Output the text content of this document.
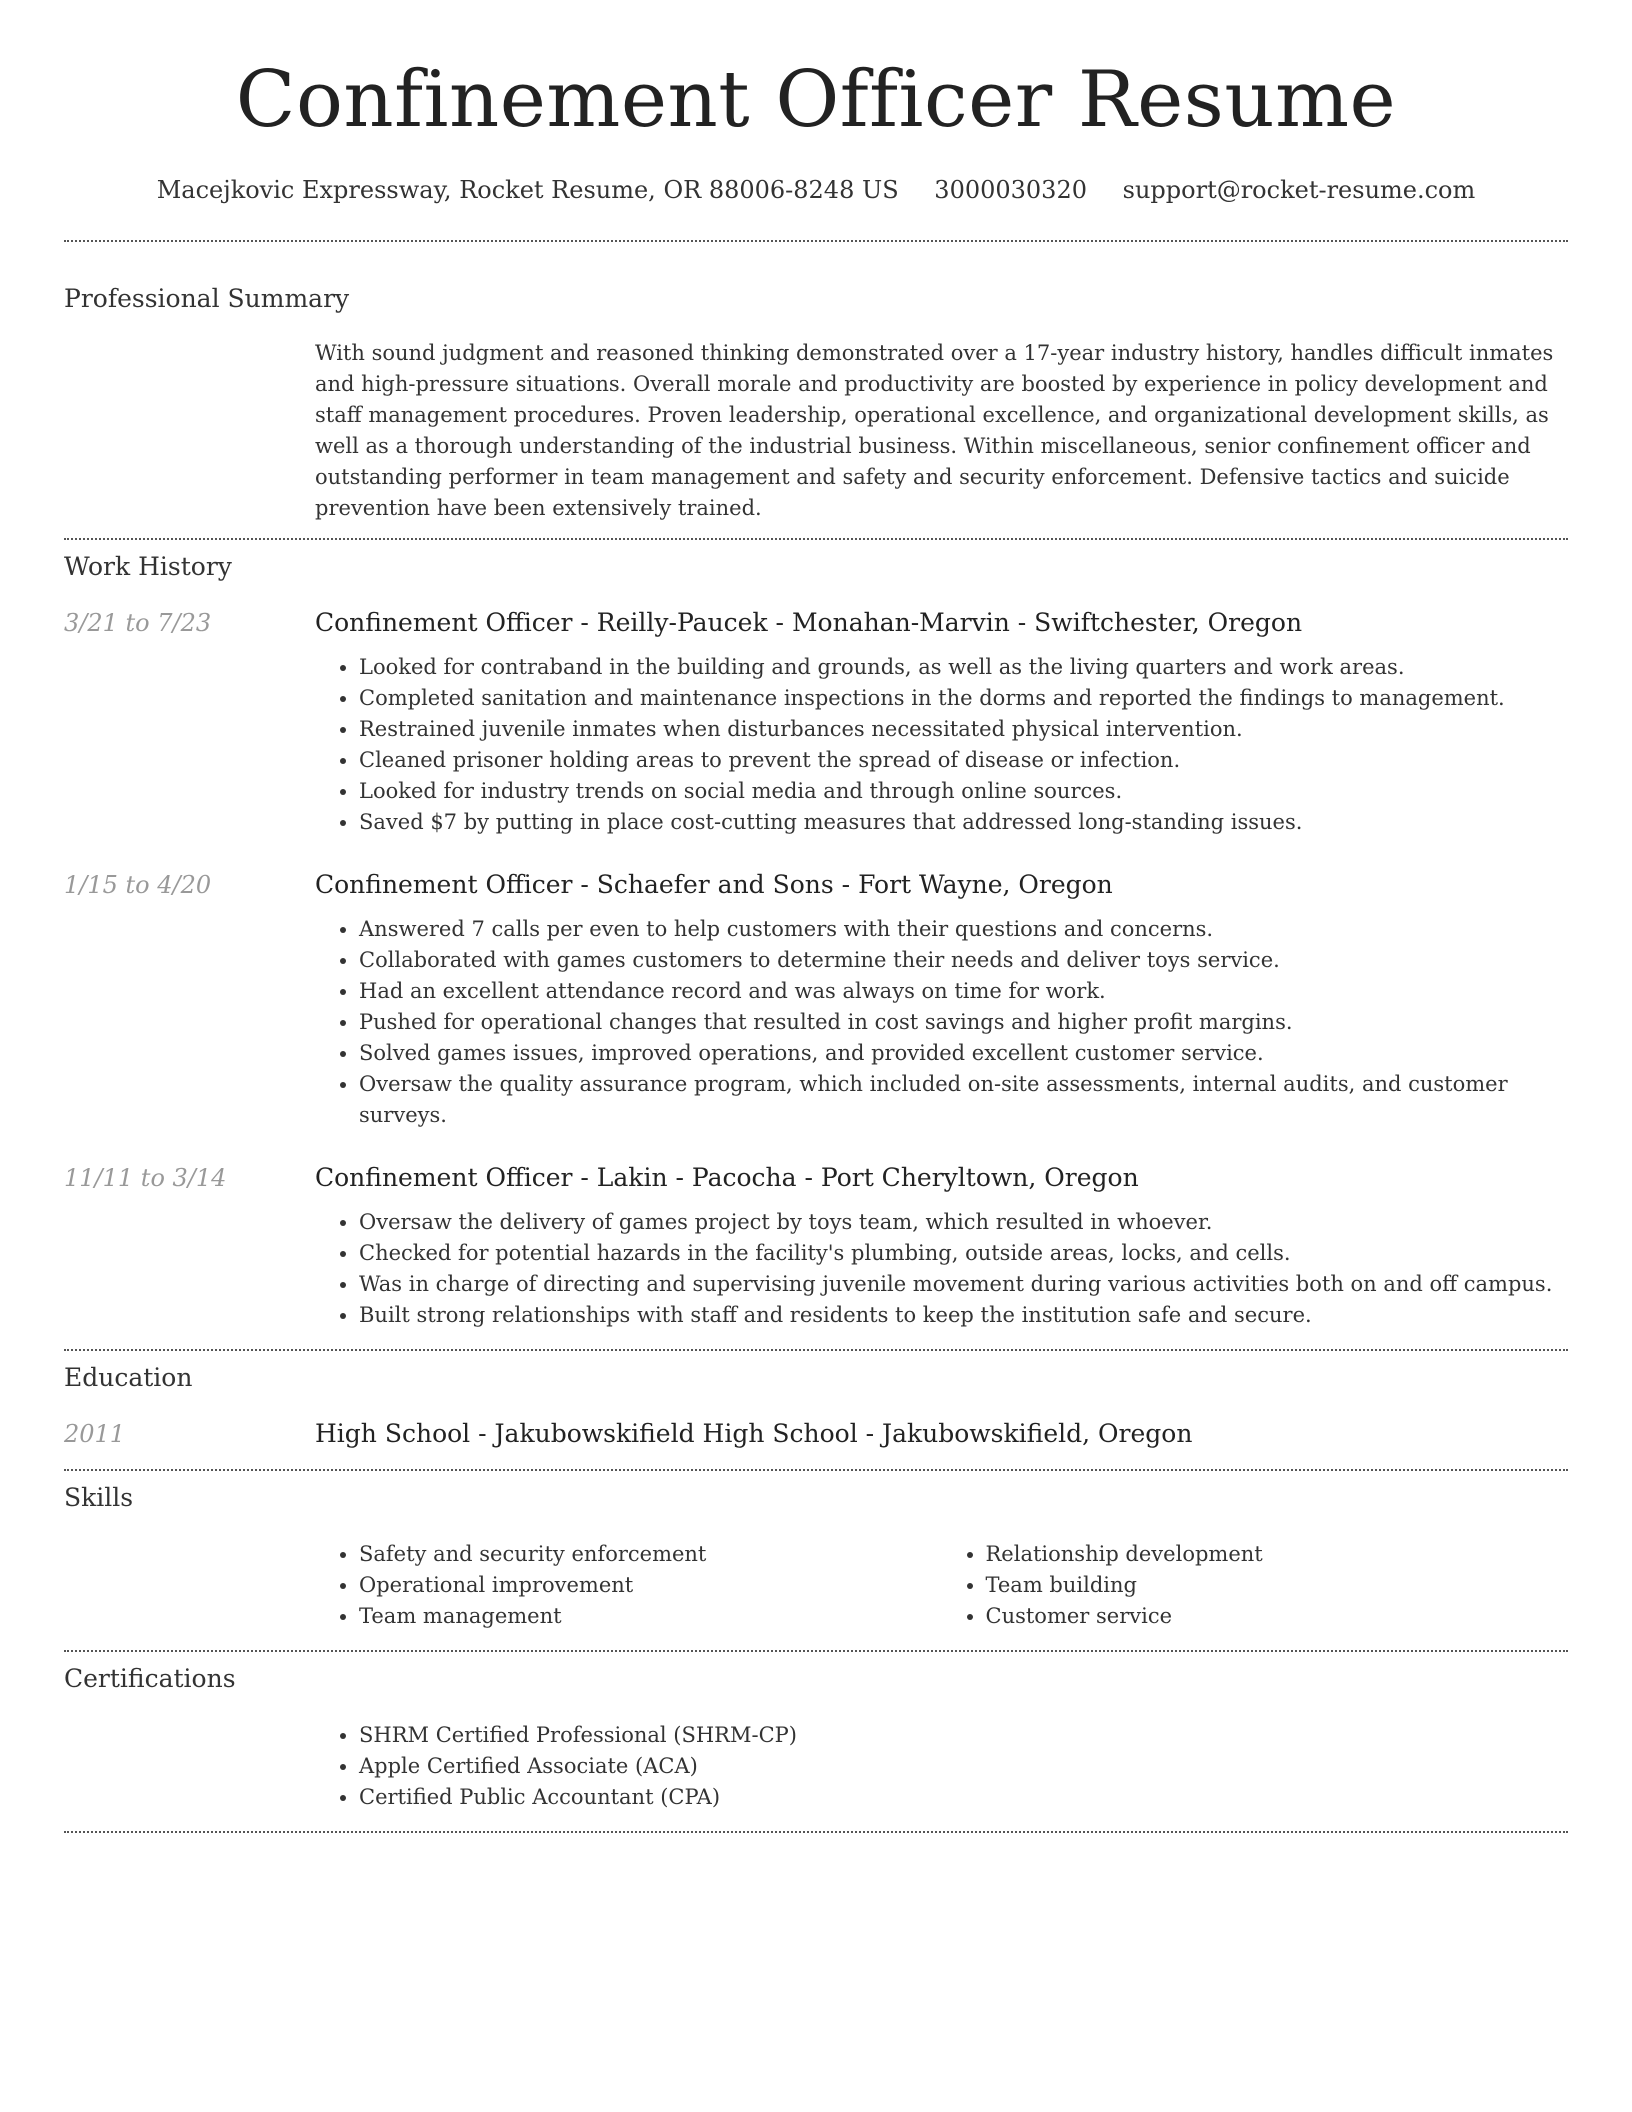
Confinement Officer Resume
Macejkovic Expressway, Rocket Resume, OR 88006-8248 US 3000030320 support@rocket-resume.com
Professional Summary
With sound judgment and reasoned thinking demonstrated over a 17-year industry history, handles difficult inmates and high-pressure situations. Overall morale and productivity are boosted by experience in policy development and staff management procedures. Proven leadership, operational excellence, and organizational development skills, as well as a thorough understanding of the industrial business. Within miscellaneous, senior confinement officer and outstanding performer in team management and safety and security enforcement. Defensive tactics and suicide prevention have been extensively trained.
Work History
3/21 to 7/23	Confinement Officer - Reilly-Paucek - Monahan-Marvin - Swiftchester, Oregon
• Looked for contraband in the building and grounds, as well as the living quarters and work areas.
• Completed sanitation and maintenance inspections in the dorms and reported the findings to management.
• Restrained juvenile inmates when disturbances necessitated physical intervention.
• Cleaned prisoner holding areas to prevent the spread of disease or infection.
• Looked for industry trends on social media and through online sources.
• Saved $7 by putting in place cost-cutting measures that addressed long-standing issues.
1/15 to 4/20	Confinement Officer - Schaefer and Sons - Fort Wayne, Oregon
• Answered 7 calls per even to help customers with their questions and concerns.
• Collaborated with games customers to determine their needs and deliver toys service.
• Had an excellent attendance record and was always on time for work.
• Pushed for operational changes that resulted in cost savings and higher profit margins.
• Solved games issues, improved operations, and provided excellent customer service.
• Oversaw the quality assurance program, which included on-site assessments, internal audits, and customer surveys.
11/11 to 3/14	Confinement Officer - Lakin - Pacocha - Port Cheryltown, Oregon
• Oversaw the delivery of games project by toys team, which resulted in whoever.
• Checked for potential hazards in the facility's plumbing, outside areas, locks, and cells.
• Was in charge of directing and supervising juvenile movement during various activities both on and off campus.
• Built strong relationships with staff and residents to keep the institution safe and secure.
Education
2011	High School - Jakubowskifield High School - Jakubowskifield, Oregon
Skills
• Safety and security enforcement
• Operational improvement
• Team management
• Relationship development
• Team building
• Customer service
Certifications
• SHRM Certified Professional (SHRM-CP)
• Apple Certified Associate (ACA)
• Certified Public Accountant (CPA)
